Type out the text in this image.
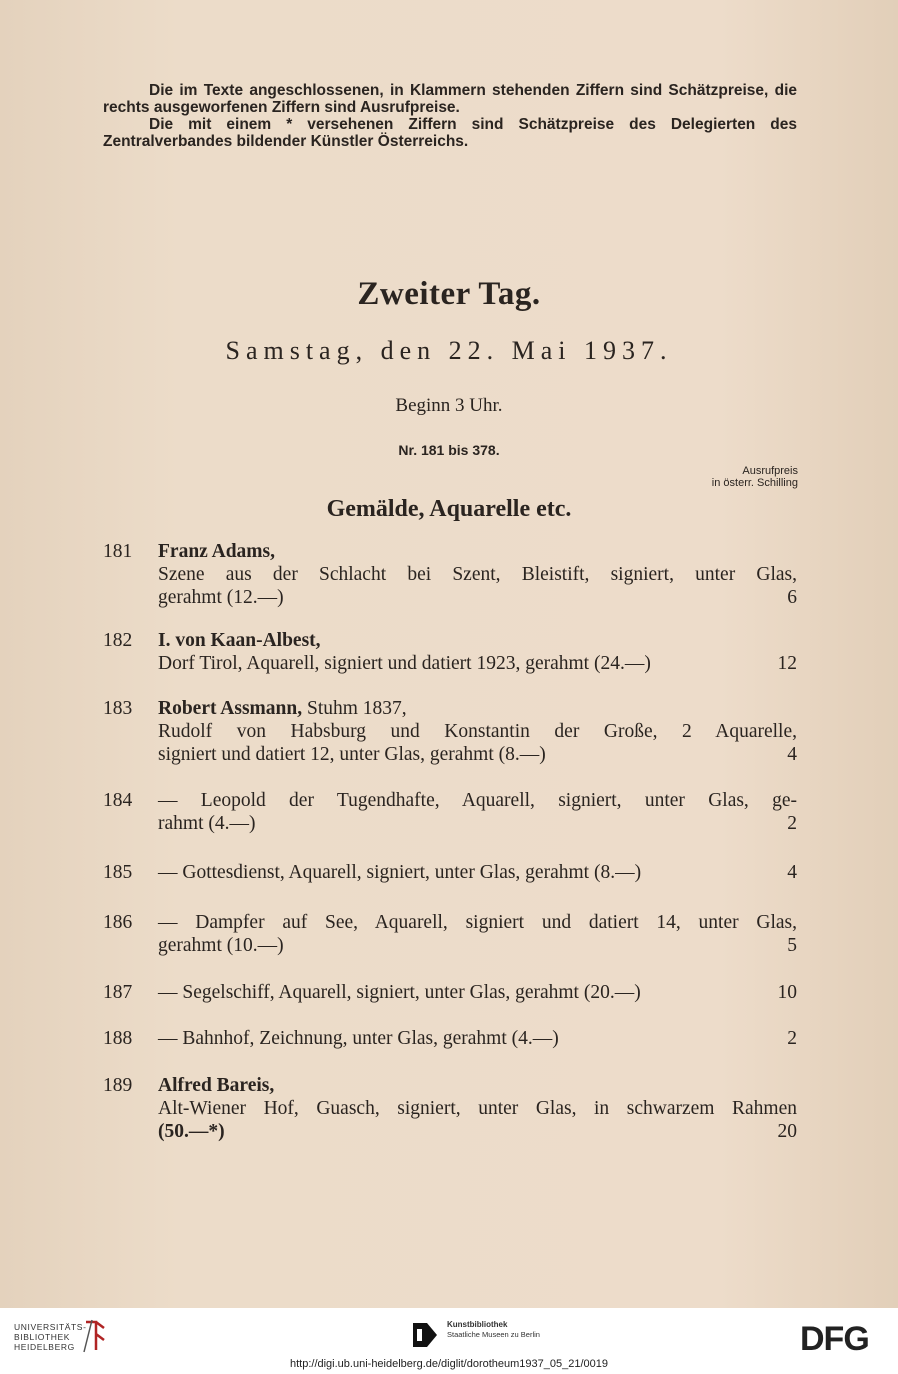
Die im Texte angeschlossenen, in Klammern stehenden Ziffern sind Schätzpreise, die rechts ausgeworfenen Ziffern sind Ausrufpreise.

Die mit einem * versehenen Ziffern sind Schätzpreise des Delegierten des Zentralverbandes bildender Künstler Österreichs.

Zweiter Tag.
Samstag, den 22. Mai 1937.
Beginn 3 Uhr.
Nr. 181 bis 378.
Ausrufpreis
in österr. Schilling
Gemälde, Aquarelle etc.
181	Franz Adams,
Szene aus der Schlacht bei Szent, Bleistift, signiert, unter Glas,
gerahmt (12.—)	6
182	I. von Kaan-Albest,
Dorf Tirol, Aquarell, signiert und datiert 1923, gerahmt (24.—)	12
183	Robert Assmann, Stuhm 1837,
Rudolf von Habsburg und Konstantin der Große, 2 Aquarelle,
signiert und datiert 12, unter Glas, gerahmt (8.—)	4
184	— Leopold der Tugendhafte, Aquarell, signiert, unter Glas, ge-
rahmt (4.—)	2
185	— Gottesdienst, Aquarell, signiert, unter Glas, gerahmt (8.—)	4
186	— Dampfer auf See, Aquarell, signiert und datiert 14, unter Glas,
gerahmt (10.—)	5
187	— Segelschiff, Aquarell, signiert, unter Glas, gerahmt (20.—)	10
188	— Bahnhof, Zeichnung, unter Glas, gerahmt (4.—)	2
189	Alfred Bareis,
Alt-Wiener Hof, Guasch, signiert, unter Glas, in schwarzem Rahmen
(50.—*)	20
UNIVERSITÄTS-
BIBLIOTHEK
HEIDELBERG
Kunstbibliothek
Staatliche Museen zu Berlin	DFG
http://digi.ub.uni-heidelberg.de/diglit/dorotheum1937_05_21/0019
